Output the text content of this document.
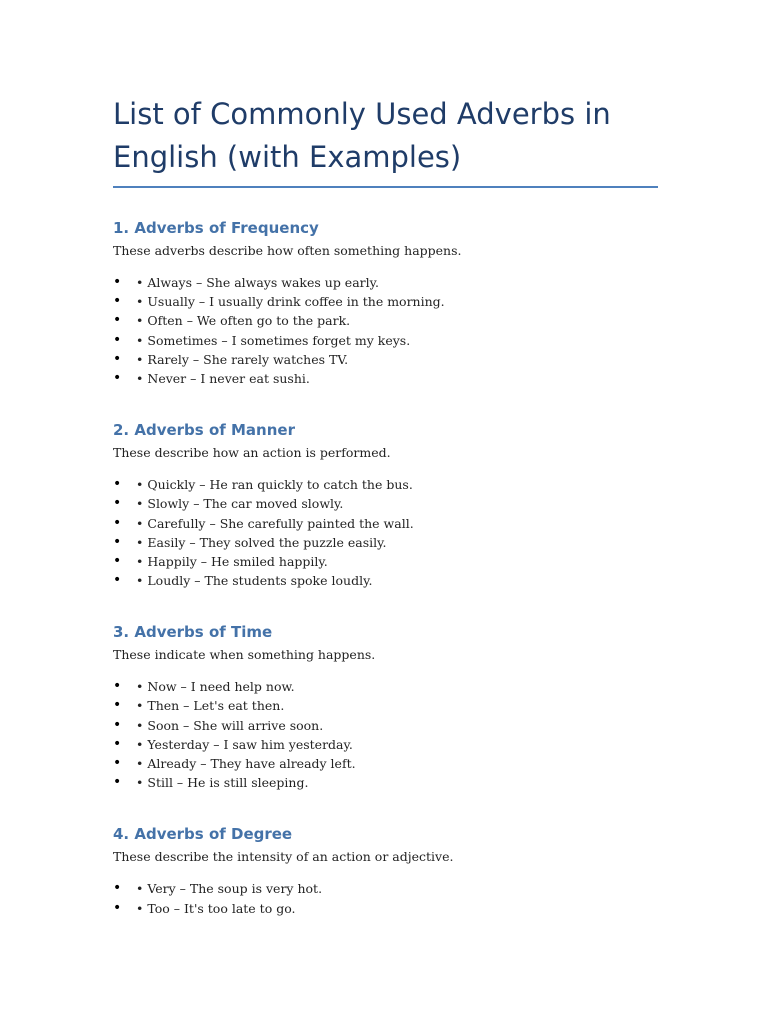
List of Commonly Used Adverbs in English (with Examples)
1. Adverbs of Frequency

These adverbs describe how often something happens.

• • Always – She always wakes up early.
• • Usually – I usually drink coffee in the morning.
• • Often – We often go to the park.
• • Sometimes – I sometimes forget my keys.
• • Rarely – She rarely watches TV.
• • Never – I never eat sushi.
2. Adverbs of Manner

These describe how an action is performed.

• • Quickly – He ran quickly to catch the bus.
• • Slowly – The car moved slowly.
• • Carefully – She carefully painted the wall.
• • Easily – They solved the puzzle easily.
• • Happily – He smiled happily.
• • Loudly – The students spoke loudly.
3. Adverbs of Time

These indicate when something happens.

• • Now – I need help now.
• • Then – Let's eat then.
• • Soon – She will arrive soon.
• • Yesterday – I saw him yesterday.
• • Already – They have already left.
• • Still – He is still sleeping.
4. Adverbs of Degree

These describe the intensity of an action or adjective.

• • Very – The soup is very hot.
• • Too – It's too late to go.
